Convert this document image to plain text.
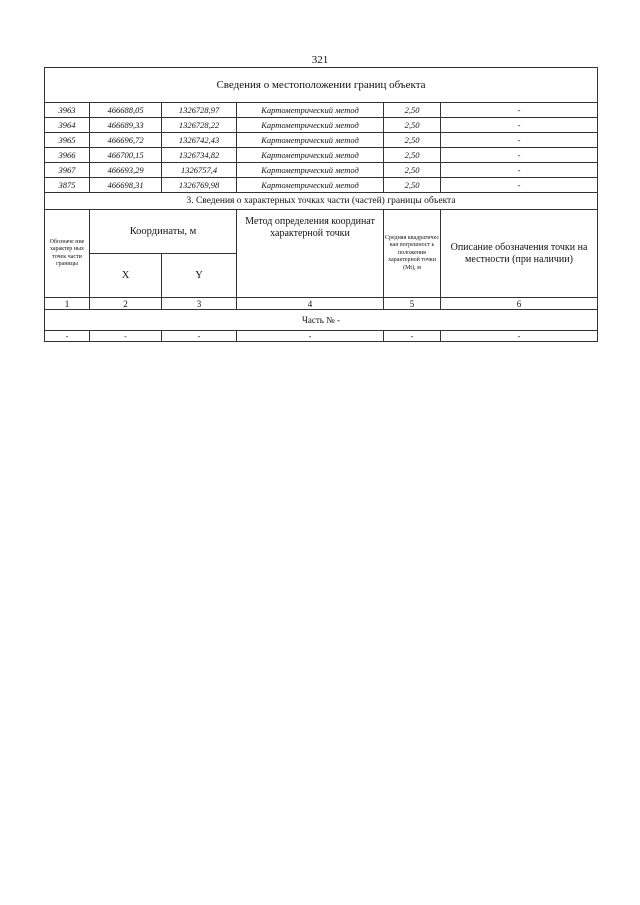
321
Сведения о местоположении границ объекта					
3963	466688,05	1326728,97	Картометрический метод	2,50	-
3964	466689,33	1326728,22	Картометрический метод	2,50	-
3965	466696,72	1326742,43	Картометрический метод	2,50	-
3966	466700,15	1326734,82	Картометрический метод	2,50	-
3967	466693,29	1326757,4	Картометрический метод	2,50	-
3875	466698,31	1326769,98	Картометрический метод	2,50	-
3. Сведения о характерных точках части (частей) границы объекта					
Обозначе ние характер ных точек части границы	Координаты, м		Метод определения координат характерной точки	Средняя квадратичес кая погрешност ь положения характерной точки (Mt), м	Описание обозначения точки на местности (при наличии)
	X	Y			
1	2	3	4	5	6
Часть № -					
-	-	-	-	-	-
